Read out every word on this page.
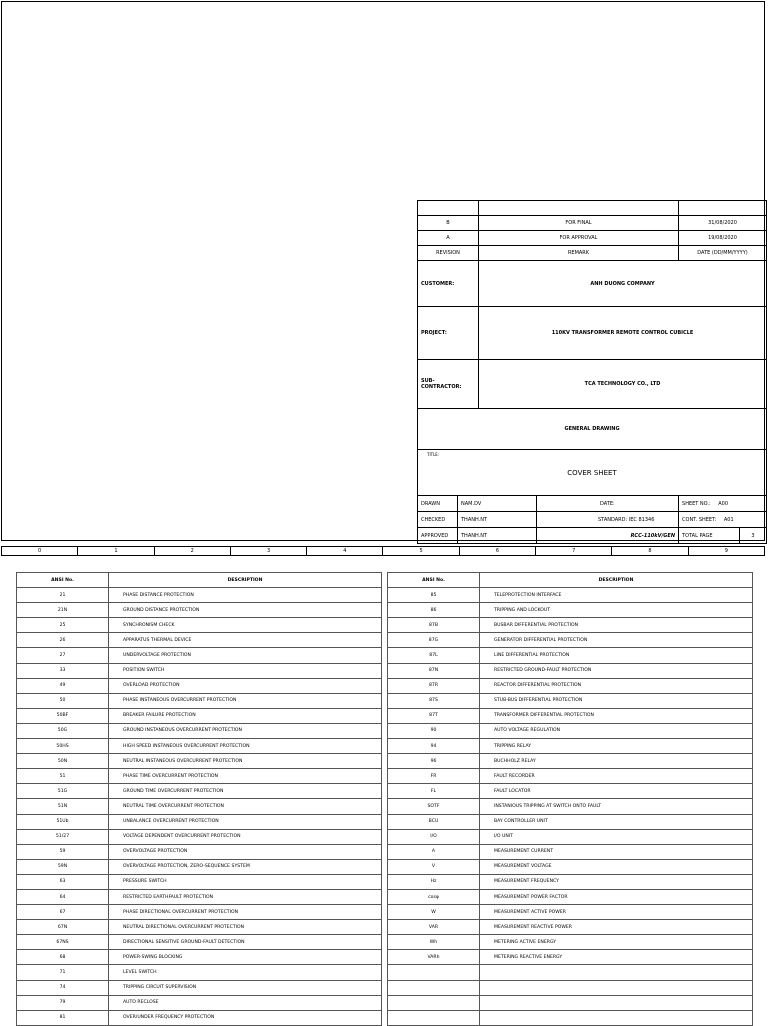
B		FOR FINAL		31/08/2020	
A		FOR APPROVAL		19/08/2020	
REVISION		REMARK		DATE (DD/MM/YYYY)	
CUSTOMER:		ANH DUONG COMPANY			
PROJECT:		110KV TRANSFORMER REMOTE CONTROL CUBICLE			
SUB-
CONTRACTOR:		TCA TECHNOLOGY CO., LTD			
GENERAL DRAWING					

TITLE:
COVER SHEET					

DRAWN	NAM.DV		DATE:	SHEET NO.: A00	
CHECKED	THANH.NT		STANDARD: IEC 81346	CONT. SHEET: A01	
APPROVED	THANH.NT		RCC-110kV/GEN	TOTAL PAGE	3
0	1	2	3	4	5	6	7	8	9
ANSI No.	DESCRIPTION
21	PHASE DISTANCE PROTECTION
21N	GROUND DISTANCE PROTECTION
25	SYNCHRONISM CHECK
26	APPARATUS THERMAL DEVICE
27	UNDERVOLTAGE PROTECTION
33	POSITION SWITCH
49	OVERLOAD PROTECTION
50	PHASE INSTANEOUS OVERCURRENT PROTECTION
50BF	BREAKER FAILURE PROTECTION
50G	GROUND INSTANEOUS OVERCURRENT PROTECTION
50HS	HIGH SPEED INSTANEOUS OVERCURRENT PROTECTION
50N	NEUTRAL INSTANEOUS OVERCURRENT PROTECTION
51	PHASE TIME OVERCURRENT PROTECTION
51G	GROUND TIME OVERCURRENT PROTECTION
51N	NEUTRAL TIME OVERCURRENT PROTECTION
51Ub	UNBALANCE OVERCURRENT PROTECTION
51/27	VOLTAGE DEPENDENT OVERCURRENT PROTECTION
59	OVERVOLTAGE PROTECTION
59N	OVERVOLTAGE PROTECTION, ZERO-SEQUENCE SYSTEM
63	PRESSURE SWITCH
64	RESTRICTED EARTHFAULT PROTECTION
67	PHASE DIRECTIONAL OVERCURRENT PROTECTION
67N	NEUTRAL DIRECTIONAL OVERCURRENT PROTECTION
67NS	DIRECTIONAL SENSITIVE GROUND-FAULT DETECTION
68	POWER-SWING BLOCKING
71	LEVEL SWITCH
74	TRIPPING CIRCUIT SUPERVISION
79	AUTO RECLOSE
81	OVER/UNDER FREQUENCY PROTECTION
ANSI No.	DESCRIPTION
85	TELEPROTECTION INTERFACE
86	TRIPPING AND LOCKOUT
87B	BUSBAR DIFFERENTIAL PROTECTION
87G	GENERATOR DIFFERENTIAL PROTECTION
87L	LINE DIFFERENTIAL PROTECTION
87N	RESTRICTED GROUND-FAULT PROTECTION
87R	REACTOR DIFFERENTIAL PROTECTION
87S	STUB-BUS DIFFERENTIAL PROTECTION
87T	TRANSFORMER DIFFERENTIAL PROTECTION
90	AUTO VOLTAGE REGULATION
94	TRIPPING RELAY
96	BUCHHOLZ RELAY
FR	FAULT RECORDER
FL	FAULT LOCATOR
SOTF	INSTANIOUS TRIPPING AT SWITCH ONTO FAULT
BCU	BAY CONTROLLER UNIT
I/O	I/O UNIT
A	MEASUREMENT CURRENT
V	MEASUREMENT VOLTAGE
Hz	MEASUREMENT FREQUENCY
cosφ	MEASUREMENT POWER FACTOR
W	MEASUREMENT ACTIVE POWER
VAR	MEASUREMENT REACTIVE POWER
Wh	METERING ACTIVE ENERGY
VARh	METERING REACTIVE ENERGY
